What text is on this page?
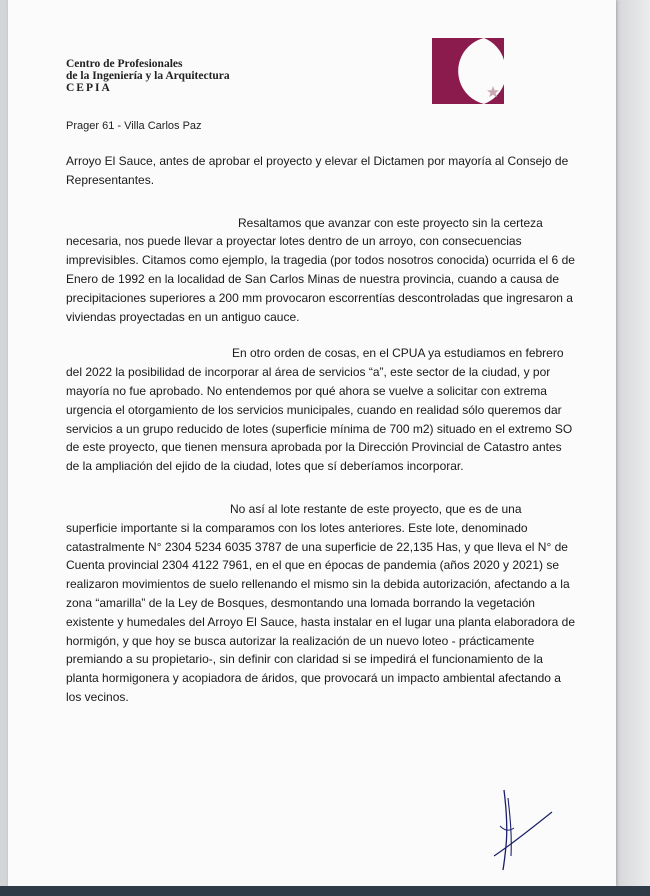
Centro de Profesionales
de la Ingeniería y la Arquitectura
CEPIA
Prager 61 - Villa Carlos Paz

Arroyo El Sauce, antes de aprobar el proyecto y elevar el Dictamen por mayoría al Consejo de Representantes.

Resaltamos que avanzar con este proyecto sin la certeza necesaria, nos puede llevar a proyectar lotes dentro de un arroyo, con consecuencias imprevisibles. Citamos como ejemplo, la tragedia (por todos nosotros conocida) ocurrida el 6 de Enero de 1992 en la localidad de San Carlos Minas de nuestra provincia, cuando a causa de precipitaciones superiores a 200 mm provocaron escorrentías descontroladas que ingresaron a viviendas proyectadas en un antiguo cauce.

En otro orden de cosas, en el CPUA ya estudiamos en febrero del 2022 la posibilidad de incorporar al área de servicios “a”, este sector de la ciudad, y por mayoría no fue aprobado. No entendemos por qué ahora se vuelve a solicitar con extrema urgencia el otorgamiento de los servicios municipales, cuando en realidad sólo queremos dar servicios a un grupo reducido de lotes (superficie mínima de 700 m2) situado en el extremo SO de este proyecto, que tienen mensura aprobada por la Dirección Provincial de Catastro antes de la ampliación del ejido de la ciudad, lotes que sí deberíamos incorporar.

No así al lote restante de este proyecto, que es de una superficie importante si la comparamos con los lotes anteriores. Este lote, denominado catastralmente N° 2304 5234 6035 3787 de una superficie de 22,135 Has, y que lleva el N° de Cuenta provincial 2304 4122 7961, en el que en épocas de pandemia (años 2020 y 2021) se realizaron movimientos de suelo rellenando el mismo sin la debida autorización, afectando a la zona “amarilla” de la Ley de Bosques, desmontando una lomada borrando la vegetación existente y humedales del Arroyo El Sauce, hasta instalar en el lugar una planta elaboradora de hormigón, y que hoy se busca autorizar la realización de un nuevo loteo - prácticamente premiando a su propietario-, sin definir con claridad si se impedirá el funcionamiento de la planta hormigonera y acopiadora de áridos, que provocará un impacto ambiental afectando a los vecinos.
